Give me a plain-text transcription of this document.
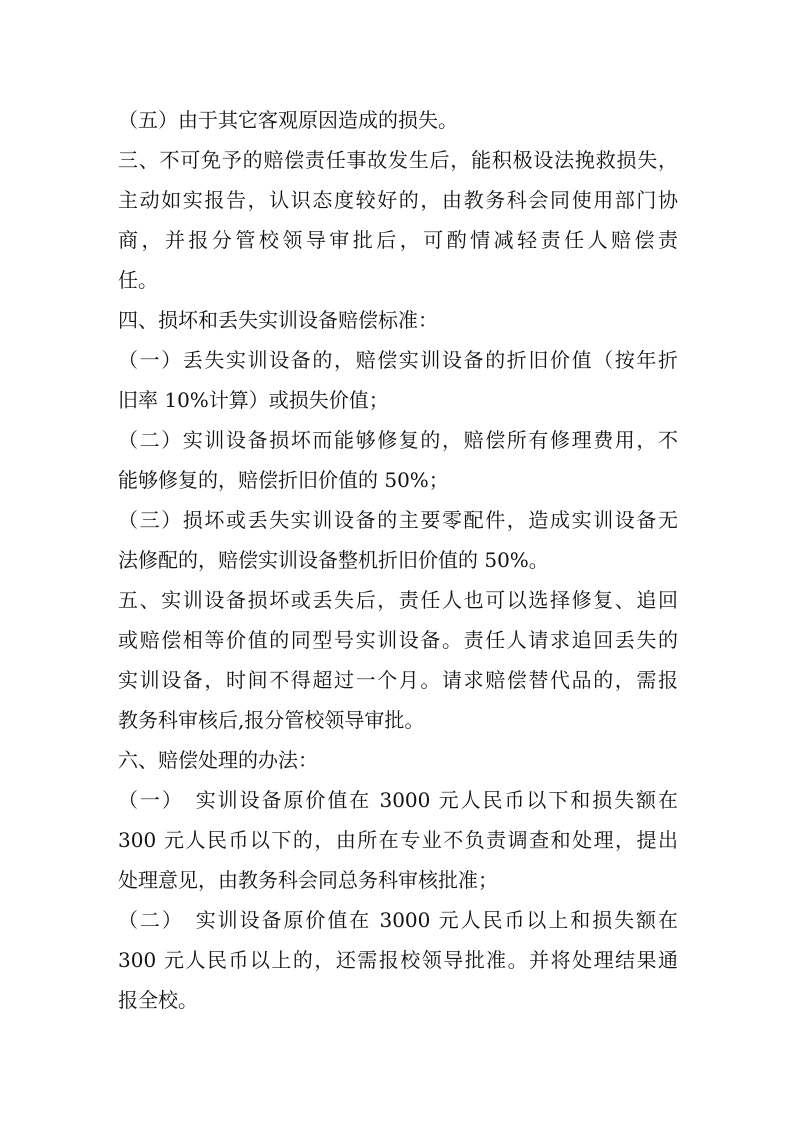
（五）由于其它客观原因造成的损失。
三、不可免予的赔偿责任事故发生后，能积极设法挽救损失，
主动如实报告，认识态度较好的，由教务科会同使用部门协
商，并报分管校领导审批后，可酌情减轻责任人赔偿责
任。
四、损坏和丢失实训设备赔偿标准：
（一）丢失实训设备的，赔偿实训设备的折旧价值（按年折
旧率 10%计算）或损失价值；
（二）实训设备损坏而能够修复的，赔偿所有修理费用，不
能够修复的，赔偿折旧价值的 50%；
（三）损坏或丢失实训设备的主要零配件，造成实训设备无
法修配的，赔偿实训设备整机折旧价值的 50%。
五、实训设备损坏或丢失后，责任人也可以选择修复、追回
或赔偿相等价值的同型号实训设备。责任人请求追回丢失的
实训设备，时间不得超过一个月。请求赔偿替代品的，需报
教务科审核后,报分管校领导审批。
六、赔偿处理的办法：
（一）　实训设备原价值在 3000 元人民币以下和损失额在
300 元人民币以下的，由所在专业不负责调查和处理，提出
处理意见，由教务科会同总务科审核批准；
（二）　实训设备原价值在 3000 元人民币以上和损失额在
300 元人民币以上的，还需报校领导批准。并将处理结果通
报全校。
